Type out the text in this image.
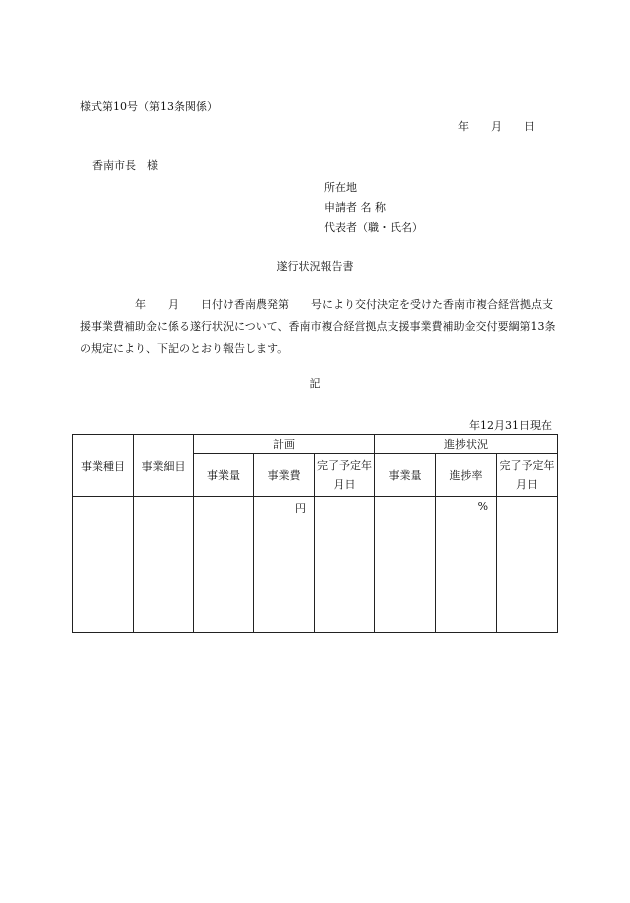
様式第10号（第13条関係）
年 月 日
香南市長　様
所在地
申請者 名 称
代表者（職・氏名）
遂行状況報告書
　　　　　年　　月　　日付け香南農発第　　号により交付決定を受けた香南市複合経営拠点支援事業費補助金に係る遂行状況について、香南市複合経営拠点支援事業費補助金交付要綱第13条の規定により、下記のとおり報告します。
記
年12月31日現在
事業種目	事業細目	計画			進捗状況		
		事業量	事業費	完了予定年月日	事業量	進捗率	完了予定年月日
			円			%	
